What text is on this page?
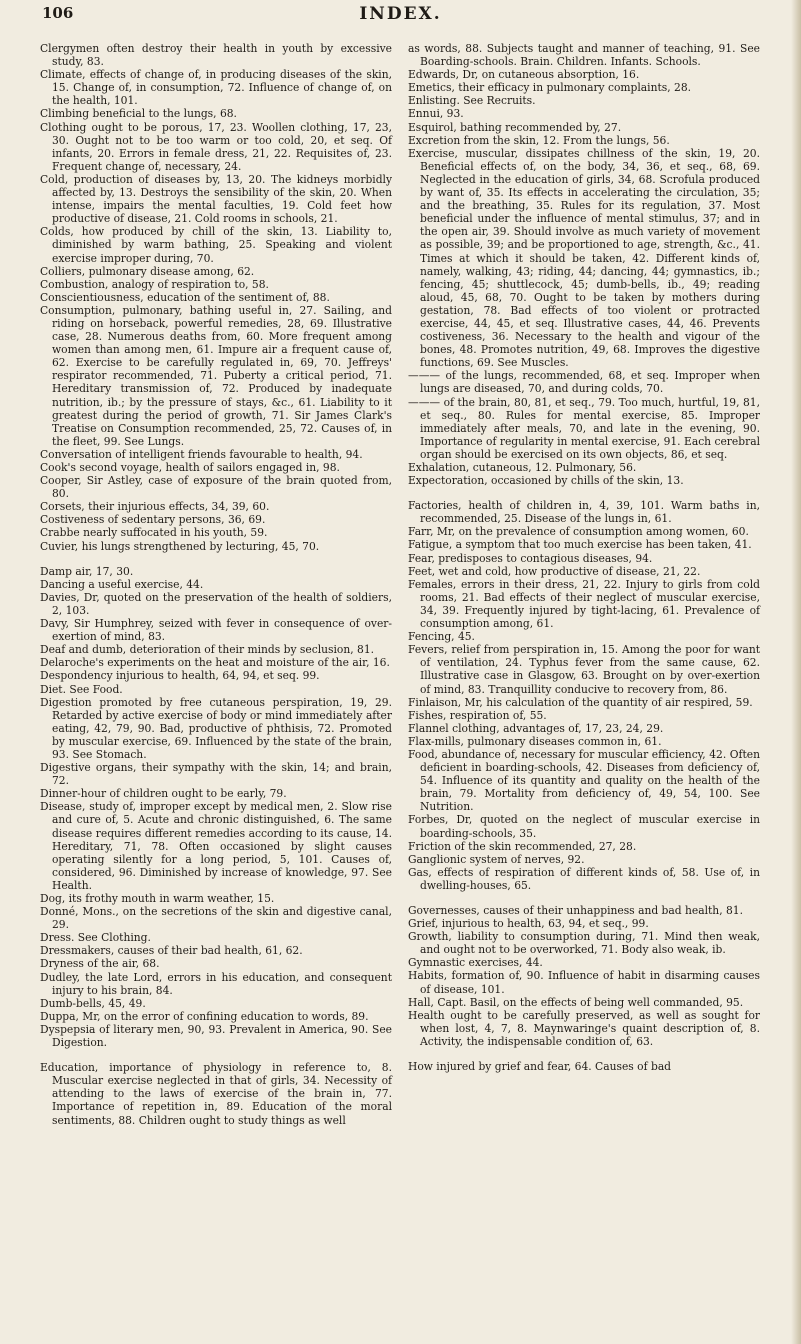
106	INDEX.

Clergymen often destroy their health in youth by excessive study, 83.

Climate, effects of change of, in producing diseases of the skin, 15. Change of, in consumption, 72. Influence of change of, on the health, 101.

Climbing beneficial to the lungs, 68.

Clothing ought to be porous, 17, 23. Woollen clothing, 17, 23, 30. Ought not to be too warm or too cold, 20, et seq. Of infants, 20. Errors in female dress, 21, 22. Requisites of, 23. Frequent change of, necessary, 24.

Cold, production of diseases by, 13, 20. The kidneys morbidly affected by, 13. Destroys the sensibility of the skin, 20. When intense, impairs the mental faculties, 19. Cold feet how productive of disease, 21. Cold rooms in schools, 21.

Colds, how produced by chill of the skin, 13. Liability to, diminished by warm bathing, 25. Speaking and violent exercise improper during, 70.

Colliers, pulmonary disease among, 62.

Combustion, analogy of respiration to, 58.

Conscientiousness, education of the sentiment of, 88.

Consumption, pulmonary, bathing useful in, 27. Sailing, and riding on horseback, powerful remedies, 28, 69. Illustrative case, 28. Numerous deaths from, 60. More frequent among women than among men, 61. Impure air a frequent cause of, 62. Exercise to be carefully regulated in, 69, 70. Jeffreys' respirator recommended, 71. Puberty a critical period, 71. Hereditary transmission of, 72. Produced by inadequate nutrition, ib.; by the pressure of stays, &c., 61. Liability to it greatest during the period of growth, 71. Sir James Clark's Treatise on Consumption recommended, 25, 72. Causes of, in the fleet, 99. See Lungs.

Conversation of intelligent friends favourable to health, 94.

Cook's second voyage, health of sailors engaged in, 98.

Cooper, Sir Astley, case of exposure of the brain quoted from, 80.

Corsets, their injurious effects, 34, 39, 60.

Costiveness of sedentary persons, 36, 69.

Crabbe nearly suffocated in his youth, 59.

Cuvier, his lungs strengthened by lecturing, 45, 70.

Damp air, 17, 30.

Dancing a useful exercise, 44.

Davies, Dr, quoted on the preservation of the health of soldiers, 2, 103.

Davy, Sir Humphrey, seized with fever in consequence of over-exertion of mind, 83.

Deaf and dumb, deterioration of their minds by seclusion, 81.

Delaroche's experiments on the heat and moisture of the air, 16.

Despondency injurious to health, 64, 94, et seq. 99.

Diet. See Food.

Digestion promoted by free cutaneous perspiration, 19, 29. Retarded by active exercise of body or mind immediately after eating, 42, 79, 90. Bad, productive of phthisis, 72. Promoted by muscular exercise, 69. Influenced by the state of the brain, 93. See Stomach.

Digestive organs, their sympathy with the skin, 14; and brain, 72.

Dinner-hour of children ought to be early, 79.

Disease, study of, improper except by medical men, 2. Slow rise and cure of, 5. Acute and chronic distinguished, 6. The same disease requires different remedies according to its cause, 14. Hereditary, 71, 78. Often occasioned by slight causes operating silently for a long period, 5, 101. Causes of, considered, 96. Diminished by increase of knowledge, 97. See Health.

Dog, its frothy mouth in warm weather, 15.

Donné, Mons., on the secretions of the skin and digestive canal, 29.

Dress. See Clothing.

Dressmakers, causes of their bad health, 61, 62.

Dryness of the air, 68.

Dudley, the late Lord, errors in his education, and consequent injury to his brain, 84.

Dumb-bells, 45, 49.

Duppa, Mr, on the error of confining education to words, 89.

Dyspepsia of literary men, 90, 93. Prevalent in America, 90. See Digestion.

Education, importance of physiology in reference to, 8. Muscular exercise neglected in that of girls, 34. Necessity of attending to the laws of exercise of the brain in, 77. Importance of repetition in, 89. Education of the moral sentiments, 88. Children ought to study things as well

as words, 88. Subjects taught and manner of teaching, 91. See Boarding-schools. Brain. Children. Infants. Schools.

Edwards, Dr, on cutaneous absorption, 16.

Emetics, their efficacy in pulmonary complaints, 28.

Enlisting. See Recruits.

Ennui, 93.

Esquirol, bathing recommended by, 27.

Excretion from the skin, 12. From the lungs, 56.

Exercise, muscular, dissipates chillness of the skin, 19, 20. Beneficial effects of, on the body, 34, 36, et seq., 68, 69. Neglected in the education of girls, 34, 68. Scrofula produced by want of, 35. Its effects in accelerating the circulation, 35; and the breathing, 35. Rules for its regulation, 37. Most beneficial under the influence of mental stimulus, 37; and in the open air, 39. Should involve as much variety of movement as possible, 39; and be proportioned to age, strength, &c., 41. Times at which it should be taken, 42. Different kinds of, namely, walking, 43; riding, 44; dancing, 44; gymnastics, ib.; fencing, 45; shuttlecock, 45; dumb-bells, ib., 49; reading aloud, 45, 68, 70. Ought to be taken by mothers during gestation, 78. Bad effects of too violent or protracted exercise, 44, 45, et seq. Illustrative cases, 44, 46. Prevents costiveness, 36. Necessary to the health and vigour of the bones, 48. Promotes nutrition, 49, 68. Improves the digestive functions, 69. See Muscles.

——— of the lungs, recommended, 68, et seq. Improper when lungs are diseased, 70, and during colds, 70.

——— of the brain, 80, 81, et seq., 79. Too much, hurtful, 19, 81, et seq., 80. Rules for mental exercise, 85. Improper immediately after meals, 70, and late in the evening, 90. Importance of regularity in mental exercise, 91. Each cerebral organ should be exercised on its own objects, 86, et seq.

Exhalation, cutaneous, 12. Pulmonary, 56.

Expectoration, occasioned by chills of the skin, 13.

Factories, health of children in, 4, 39, 101. Warm baths in, recommended, 25. Disease of the lungs in, 61.

Farr, Mr, on the prevalence of consumption among women, 60.

Fatigue, a symptom that too much exercise has been taken, 41.

Fear, predisposes to contagious diseases, 94.

Feet, wet and cold, how productive of disease, 21, 22.

Females, errors in their dress, 21, 22. Injury to girls from cold rooms, 21. Bad effects of their neglect of muscular exercise, 34, 39. Frequently injured by tight-lacing, 61. Prevalence of consumption among, 61.

Fencing, 45.

Fevers, relief from perspiration in, 15. Among the poor for want of ventilation, 24. Typhus fever from the same cause, 62. Illustrative case in Glasgow, 63. Brought on by over-exertion of mind, 83. Tranquillity conducive to recovery from, 86.

Finlaison, Mr, his calculation of the quantity of air respired, 59.

Fishes, respiration of, 55.

Flannel clothing, advantages of, 17, 23, 24, 29.

Flax-mills, pulmonary diseases common in, 61.

Food, abundance of, necessary for muscular efficiency, 42. Often deficient in boarding-schools, 42. Diseases from deficiency of, 54. Influence of its quantity and quality on the health of the brain, 79. Mortality from deficiency of, 49, 54, 100. See Nutrition.

Forbes, Dr, quoted on the neglect of muscular exercise in boarding-schools, 35.

Friction of the skin recommended, 27, 28.

Ganglionic system of nerves, 92.

Gas, effects of respiration of different kinds of, 58. Use of, in dwelling-houses, 65.

Governesses, causes of their unhappiness and bad health, 81.

Grief, injurious to health, 63, 94, et seq., 99.

Growth, liability to consumption during, 71. Mind then weak, and ought not to be overworked, 71. Body also weak, ib.

Gymnastic exercises, 44.

Habits, formation of, 90. Influence of habit in disarming causes of disease, 101.

Hall, Capt. Basil, on the effects of being well commanded, 95.

Health ought to be carefully preserved, as well as sought for when lost, 4, 7, 8. Maynwaringe's quaint description of, 8. Activity, the indispensable condition of, 63.

How injured by grief and fear, 64. Causes of bad
